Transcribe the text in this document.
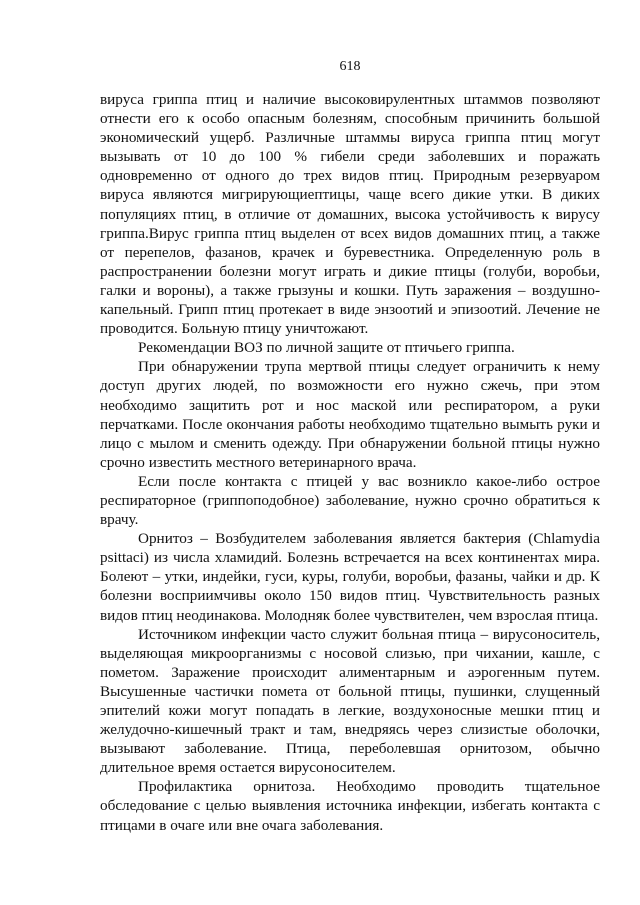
618

вируса гриппа птиц и наличие высоковирулентных штаммов позволяют отнести его к особо опасным болезням, способным причинить большой экономический ущерб. Различные штаммы вируса гриппа птиц могут вызывать от 10 до 100 % гибели среди заболевших и поражать одновременно от одного до трех видов птиц. Природным резервуаром вируса являются мигрирующиептицы, чаще всего дикие утки. В диких популяциях птиц, в отличие от домашних, высока устойчивость к вирусу гриппа.Вирус гриппа птиц выделен от всех видов домашних птиц, а также от перепелов, фазанов, крачек и буревестника. Определенную роль в распространении болезни могут играть и дикие птицы (голуби, воробьи, галки и вороны), а также грызуны и кошки. Путь заражения – воздушно-капельный. Грипп птиц протекает в виде энзоотий и эпизоотий. Лечение не проводится. Больную птицу уничтожают.

Рекомендации ВОЗ по личной защите от птичьего гриппа.

При обнаружении трупа мертвой птицы следует ограничить к нему доступ других людей, по возможности его нужно сжечь, при этом необходимо защитить рот и нос маской или респиратором, а руки перчатками. После окончания работы необходимо тщательно вымыть руки и лицо с мылом и сменить одежду. При обнаружении больной птицы нужно срочно известить местного ветеринарного врача.

Если после контакта с птицей у вас возникло какое-либо острое респираторное (гриппоподобное) заболевание, нужно срочно обратиться к врачу.

Орнитоз – Возбудителем заболевания является бактерия (Chlamydia psittaci) из числа хламидий. Болезнь встречается на всех континентах мира. Болеют – утки, индейки, гуси, куры, голуби, воробьи, фазаны, чайки и др. К болезни восприимчивы около 150 видов птиц. Чувствительность разных видов птиц неодинакова. Молодняк более чувствителен, чем взрослая птица.

Источником инфекции часто служит больная птица – вирусоноситель, выделяющая микроорганизмы с носовой слизью, при чихании, кашле, с пометом. Заражение происходит алиментарным и аэрогенным путем. Высушенные частички помета от больной птицы, пушинки, слущенный эпителий кожи могут попадать в легкие, воздухоносные мешки птиц и желудочно-кишечный тракт и там, внедряясь через слизистые оболочки, вызывают заболевание. Птица, переболевшая орнитозом, обычно длительное время остается вирусоносителем.

Профилактика орнитоза. Необходимо проводить тщательное обследование с целью выявления источника инфекции, избегать контакта с птицами в очаге или вне очага заболевания.
